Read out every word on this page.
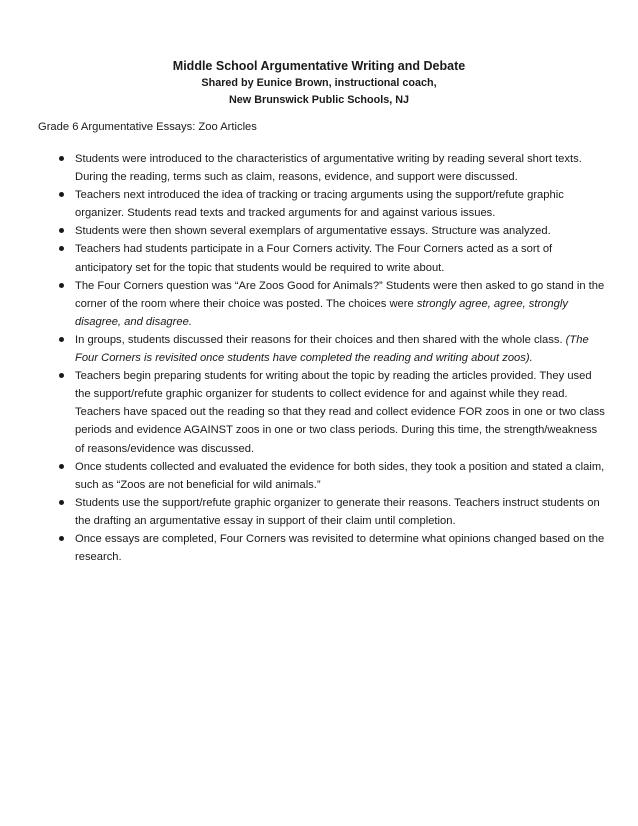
Middle School Argumentative Writing and Debate
Shared by Eunice Brown, instructional coach,
New Brunswick Public Schools, NJ
Grade 6 Argumentative Essays: Zoo Articles
Students were introduced to the characteristics of argumentative writing by reading several short texts. During the reading, terms such as claim, reasons, evidence, and support were discussed.
Teachers next introduced the idea of tracking or tracing arguments using the support/refute graphic organizer. Students read texts and tracked arguments for and against various issues.
Students were then shown several exemplars of argumentative essays. Structure was analyzed.
Teachers had students participate in a Four Corners activity. The Four Corners acted as a sort of anticipatory set for the topic that students would be required to write about.
The Four Corners question was “Are Zoos Good for Animals?” Students were then asked to go stand in the corner of the room where their choice was posted. The choices were strongly agree, agree, strongly disagree, and disagree.
In groups, students discussed their reasons for their choices and then shared with the whole class. (The Four Corners is revisited once students have completed the reading and writing about zoos).
Teachers begin preparing students for writing about the topic by reading the articles provided. They used the support/refute graphic organizer for students to collect evidence for and against while they read. Teachers have spaced out the reading so that they read and collect evidence FOR zoos in one or two class periods and evidence AGAINST zoos in one or two class periods. During this time, the strength/weakness of reasons/evidence was discussed.
Once students collected and evaluated the evidence for both sides, they took a position and stated a claim, such as “Zoos are not beneficial for wild animals.”
Students use the support/refute graphic organizer to generate their reasons. Teachers instruct students on the drafting an argumentative essay in support of their claim until completion.
Once essays are completed, Four Corners was revisited to determine what opinions changed based on the research.
